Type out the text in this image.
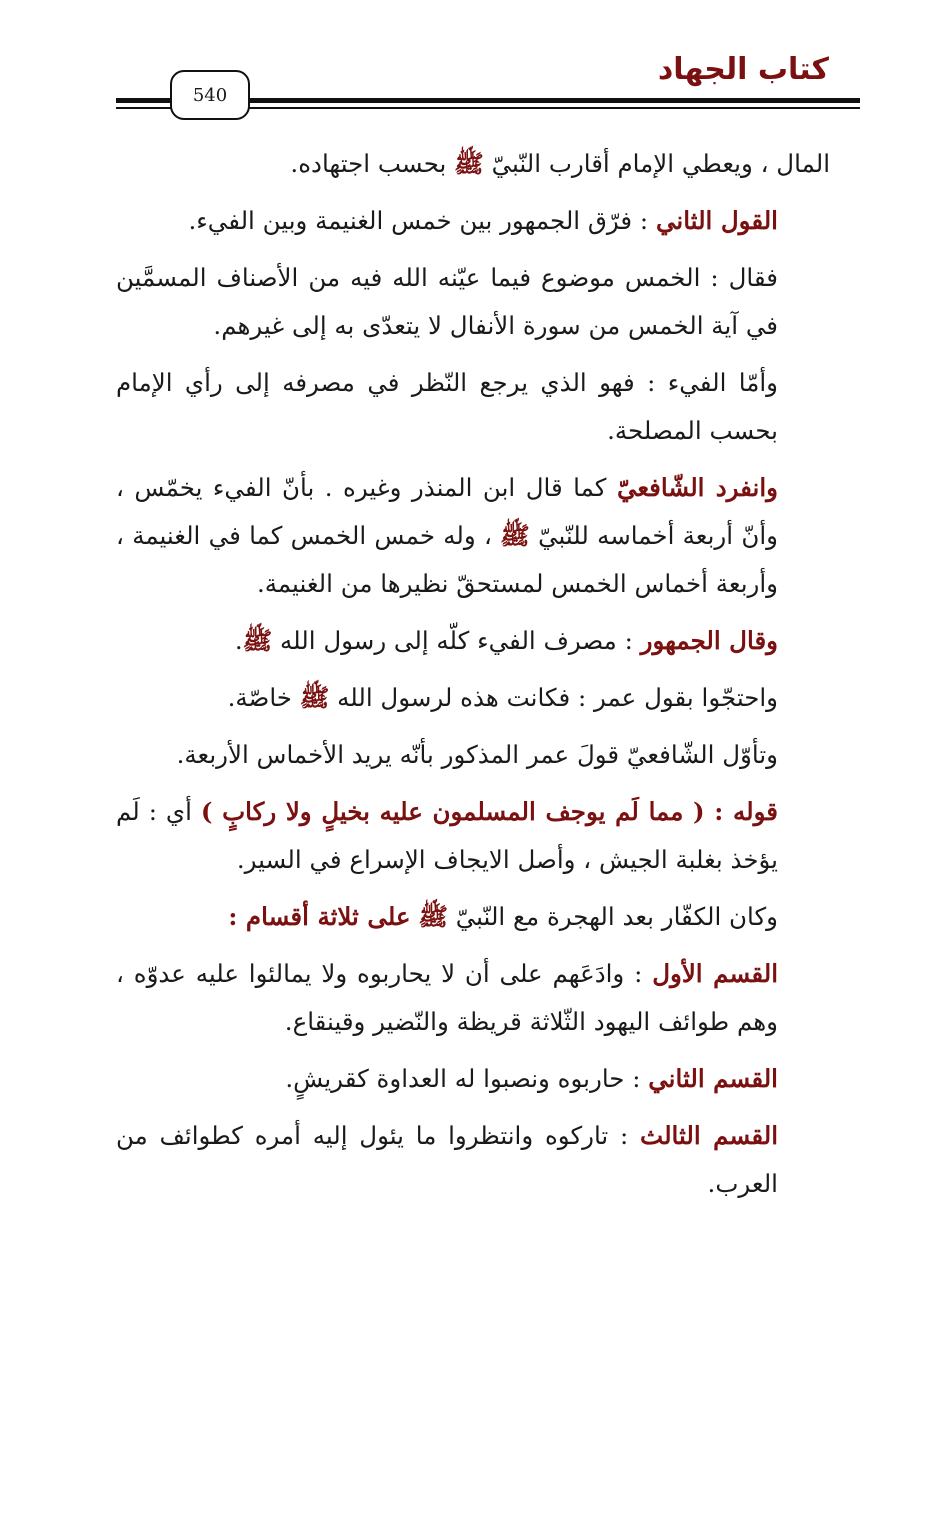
كتاب الجهاد
540

المال ، ويعطي الإمام أقارب النّبيّ ﷺ بحسب اجتهاده.

القول الثاني : فرّق الجمهور بين خمس الغنيمة وبين الفيء.

فقال : الخمس موضوع فيما عيّنه الله فيه من الأصناف المسمَّين في آية الخمس من سورة الأنفال لا يتعدّى به إلى غيرهم.

وأمّا الفيء : فهو الذي يرجع النّظر في مصرفه إلى رأي الإمام بحسب المصلحة.

وانفرد الشّافعيّ كما قال ابن المنذر وغيره . بأنّ الفيء يخمّس ، وأنّ أربعة أخماسه للنّبيّ ﷺ ، وله خمس الخمس كما في الغنيمة ، وأربعة أخماس الخمس لمستحقّ نظيرها من الغنيمة.

وقال الجمهور : مصرف الفيء كلّه إلى رسول الله ﷺ.

واحتجّوا بقول عمر : فكانت هذه لرسول الله ﷺ خاصّة.

وتأوّل الشّافعيّ قولَ عمر المذكور بأنّه يريد الأخماس الأربعة.

قوله : ( مما لَم يوجف المسلمون عليه بخيلٍ ولا ركابٍ ) أي : لَم يؤخذ بغلبة الجيش ، وأصل الايجاف الإسراع في السير.

وكان الكفّار بعد الهجرة مع النّبيّ ﷺ على ثلاثة أقسام :

القسم الأول : وادَعَهم على أن لا يحاربوه ولا يمالئوا عليه عدوّه ، وهم طوائف اليهود الثّلاثة قريظة والنّضير وقينقاع.

القسم الثاني : حاربوه ونصبوا له العداوة كقريشٍ.

القسم الثالث : تاركوه وانتظروا ما يئول إليه أمره كطوائف من العرب.
